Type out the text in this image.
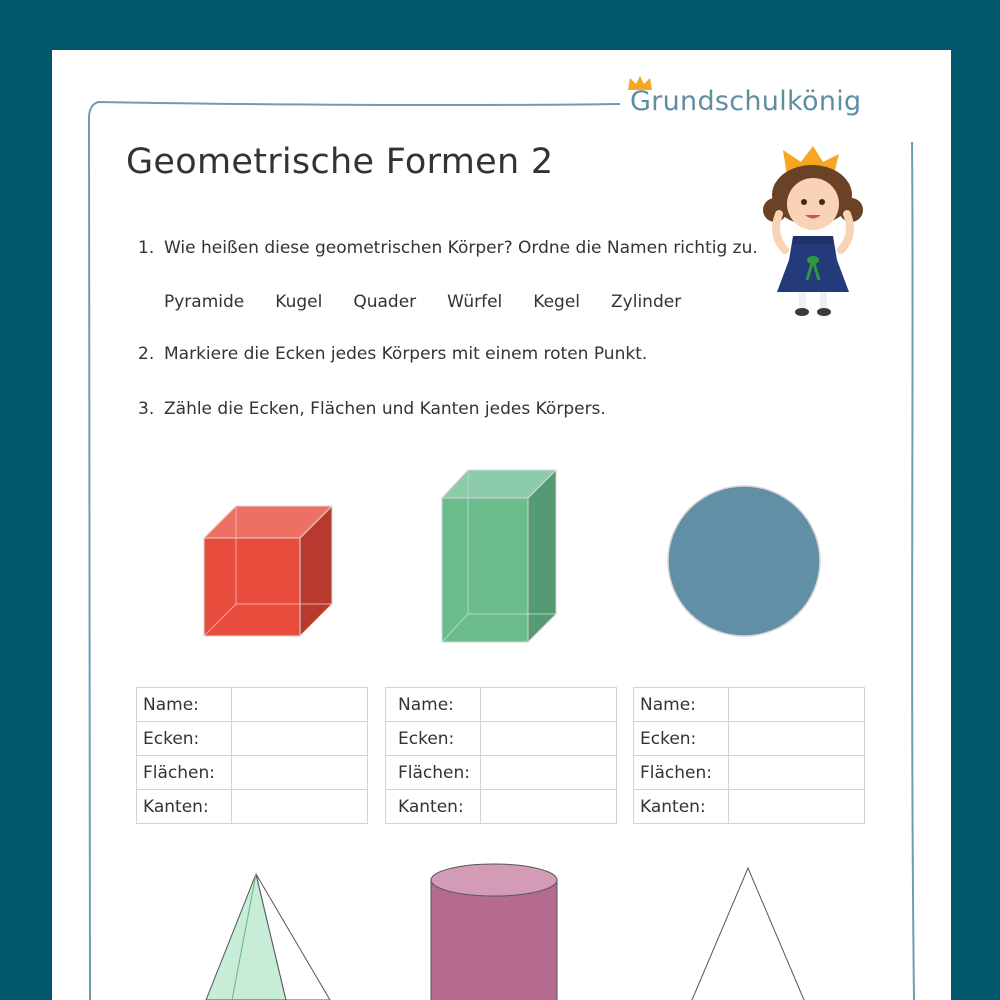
Grundschulkönig
Geometrische Formen 2
1. Wie heißen diese geometrischen Körper? Ordne die Namen richtig zu.
Pyramide Kugel Quader Würfel Kegel Zylinder
2. Markiere die Ecken jedes Körpers mit einem roten Punkt.
3. Zähle die Ecken, Flächen und Kanten jedes Körpers.
Name:	
Ecken:	
Flächen:	
Kanten:	
Name:	
Ecken:	
Flächen:	
Kanten:	
Name:	
Ecken:	
Flächen:	
Kanten:	
